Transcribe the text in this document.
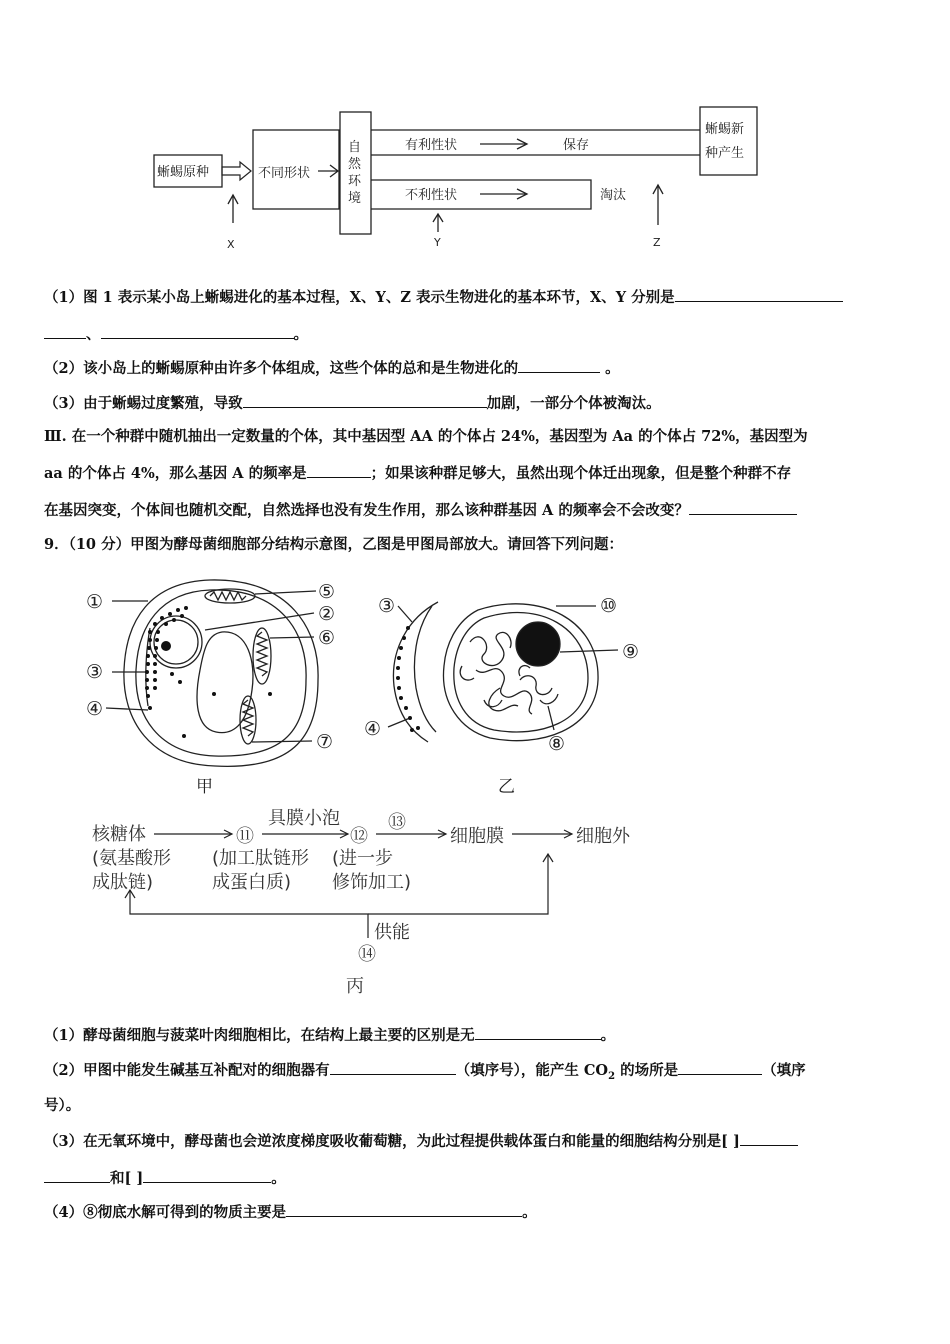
蜥蜴原种	不同形状
自
然
环
境
有利性状	保存
不利性状	淘汰
蜥蜴新
种产生
X	Y	Z
（1）图 1 表示某小岛上蜥蜴进化的基本过程，X、Y、Z 表示生物进化的基本环节，X、Y 分别是
、	。
（2）该小岛上的蜥蜴原种由许多个体组成，这些个体的总和是生物进化的	。
（3）由于蜥蜴过度繁殖，导致	加剧，一部分个体被淘汰。
Ⅲ. 在一个种群中随机抽出一定数量的个体，其中基因型 AA 的个体占 24%，基因型为 Aa 的个体占 72%，基因型为
aa 的个体占 4%，那么基因 A 的频率是	；如果该种群足够大，虽然出现个体迁出现象，但是整个种群不存
在基因突变，个体间也随机交配，自然选择也没有发生作用，那么该种群基因 A 的频率会不会改变？
9．（10 分）甲图为酵母菌细胞部分结构示意图，乙图是甲图局部放大。请回答下列问题：
①	⑤
②
⑥
③
④
⑦
③	⑩
⑨
④
⑧
甲	乙
核糖体
(氨基酸形
成肽链)
⑪
具膜小泡
(加工肽链形
成蛋白质)
⑫
⑬
(进一步
修饰加工)
细胞膜	细胞外
供能
⑭
丙
（1）酵母菌细胞与菠菜叶肉细胞相比，在结构上最主要的区别是无	。
（2）甲图中能发生碱基互补配对的细胞器有	（填序号），能产生 $CO_2$ 的场所是	（填序
号）。
（3）在无氧环境中，酵母菌也会逆浓度梯度吸收葡萄糖，为此过程提供载体蛋白和能量的细胞结构分别是[ ]
和[ ]	。
（4）⑧彻底水解可得到的物质主要是	。
